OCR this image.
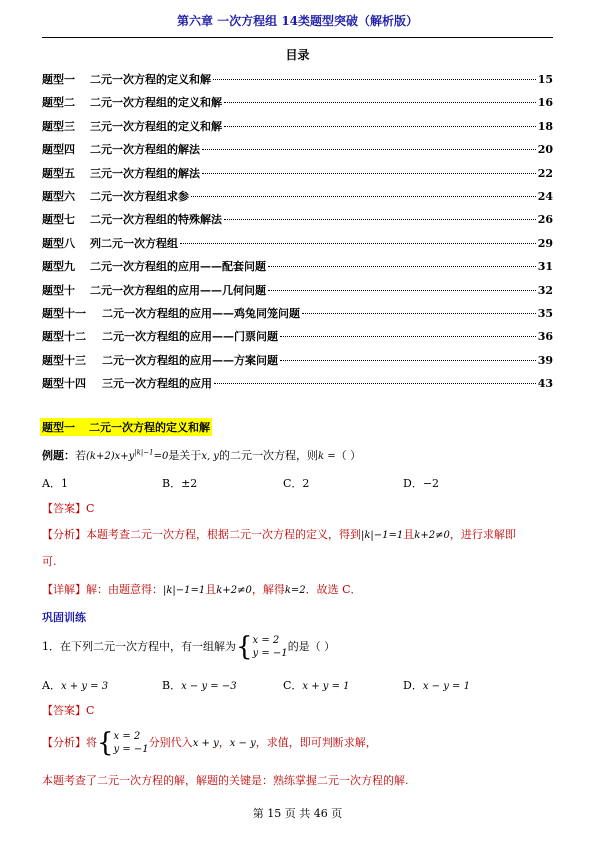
第六章 一次方程组 14类题型突破（解析版）
目录
题型一 二元一次方程的定义和解
例题：若$(k+2)x+y^{|k|-1}=0$是关于x, y的二元一次方程，则k =（ ）
A．1	B．±2	C．2	D．−2
【答案】C
【分析】本题考查二元一次方程，根据二元一次方程的定义，得到|k|−1=1且k+2≠0，进行求解即
可.
【详解】解：由题意得：|k|−1=1且k+2≠0，解得k=2．故选 C．
巩固训练
1．在下列二元一次方程中，有一组解为{x = 2
y = −1的是（ ）
A．x + y = 3	B．x − y = −3	C．x + y = 1	D．x − y = 1
【答案】C
【分析】将{x = 2
y = −1分别代入x + y，x − y，求值，即可判断求解，
本题考查了二元一次方程的解，解题的关键是：熟练掌握二元一次方程的解.
第 15 页 共 46 页
题型一	二元一次方程的定义和解	15
题型二	二元一次方程组的定义和解	16
题型三	三元一次方程组的定义和解	18
题型四	二元一次方程组的解法	20
题型五	三元一次方程组的解法	22
题型六	二元一次方程组求参	24
题型七	二元一次方程组的特殊解法	26
题型八	列二元一次方程组	29
题型九	二元一次方程组的应用——配套问题	31
题型十	二元一次方程组的应用——几何问题	32
题型十一	二元一次方程组的应用——鸡兔同笼问题	35
题型十二	二元一次方程组的应用——门票问题	36
题型十三	二元一次方程组的应用——方案问题	39
题型十四	三元一次方程组的应用	43
